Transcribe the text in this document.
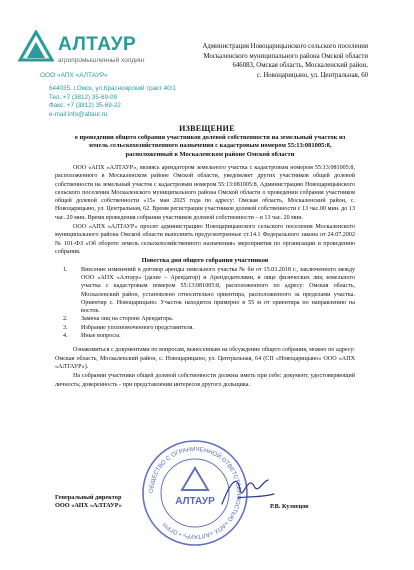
АЛТАУР
агропромышленный холдинг
ООО «АПХ «АЛТАУР»
644035, г.Омск, ул.Красноярский тракт 40/1
Тел.:+7 (3812) 35-69-09
Факс: +7 (3812) 35-69-22
e-mail:info@altaur.ru
Администрация Новоцарицынского сельского поселения
Москаленского муниципального района Омской области
646083, Омская область, Москаленский район,
с. Новоцарицыно, ул. Центральная, 60
ИЗВЕЩЕНИЕ
о проведении общего собрания участников долевой собственности на земельный участок из земель сельскохозяйственного назначения с кадастровым номером 55:13:081005:8, расположенный в Москаленском районе Омской области

ООО «АПХ «АЛТАУР», являясь арендатором земельного участка с кадастровым номером 55:13:081005:8, расположенного в Москаленском районе Омской области, уведомляет других участников общей долевой собственности на земельный участок с кадастровым номером 55:13:081005:8, Администрацию Новоцарицынского сельского поселения Москаленского муниципального района Омской области о проведении собрания участников общей долевой собственности «15» мая 2025 года по адресу: Омская область, Москаленский район, с. Новоцарицыно, ул. Центральная, 62. Время регистрации участников долевой собственности с 13 час.00 мин. до 13 час. 20 мин. Время проведения собрания участников долевой собственности – в 13 час. 20 мин.

ООО «АПХ «АЛТАУР» просит администрацию Новоцарицынского сельского поселения Москаленского муниципального района Омской области выполнить предусмотренные ст.14.1 Федерального закона от 24.07.2002 № 101-ФЗ «Об обороте земель сельскохозяйственного назначения» мероприятия по организации и проведению собрания.

Повестка дня общего собрания участников
1. Внесение изменений в договор аренды земельного участка № бн от 15.03.2018 г., заключенного между ООО «АПХ «Алтаур» (далее – Арендатор) и Арендодателями, в лице физических лиц земельного участка с кадастровым номером 55:13:081005:8, расположенного по адресу: Омская область, Москаленский район, установлено относительно ориентира, расположенного за пределами участка. Ориентир с. Новоцарицыно. Участок находится примерно в 55 м от ориентира по направлению на восток.
2. Замена лиц на стороне Арендатора.
3. Избрание уполномоченного представителя.
4. Иные вопросы.

Ознакомиться с документами по вопросам, вынесенным на обсуждение общего собрания, можно по адресу: Омская область, Москаленский район, с. Новоцарицыно, ул. Центральная, 64 (СП «Новоцарицыно» ООО «АПХ «АЛТАУР»).

На собрании участники общей долевой собственности должны иметь при себе: документ, удостоверяющий личность; доверенность - при представлении интересов другого дольщика.

ОБЩЕСТВО С ОГРАНИЧЕННОЙ ОТВЕТСТВЕННОСТЬЮ «АПХ «АЛТАУР» • ОГРН
АЛТАУР
Генеральный директор
ООО «АПХ «АЛТАУР»	Р.В. Кузнецов
